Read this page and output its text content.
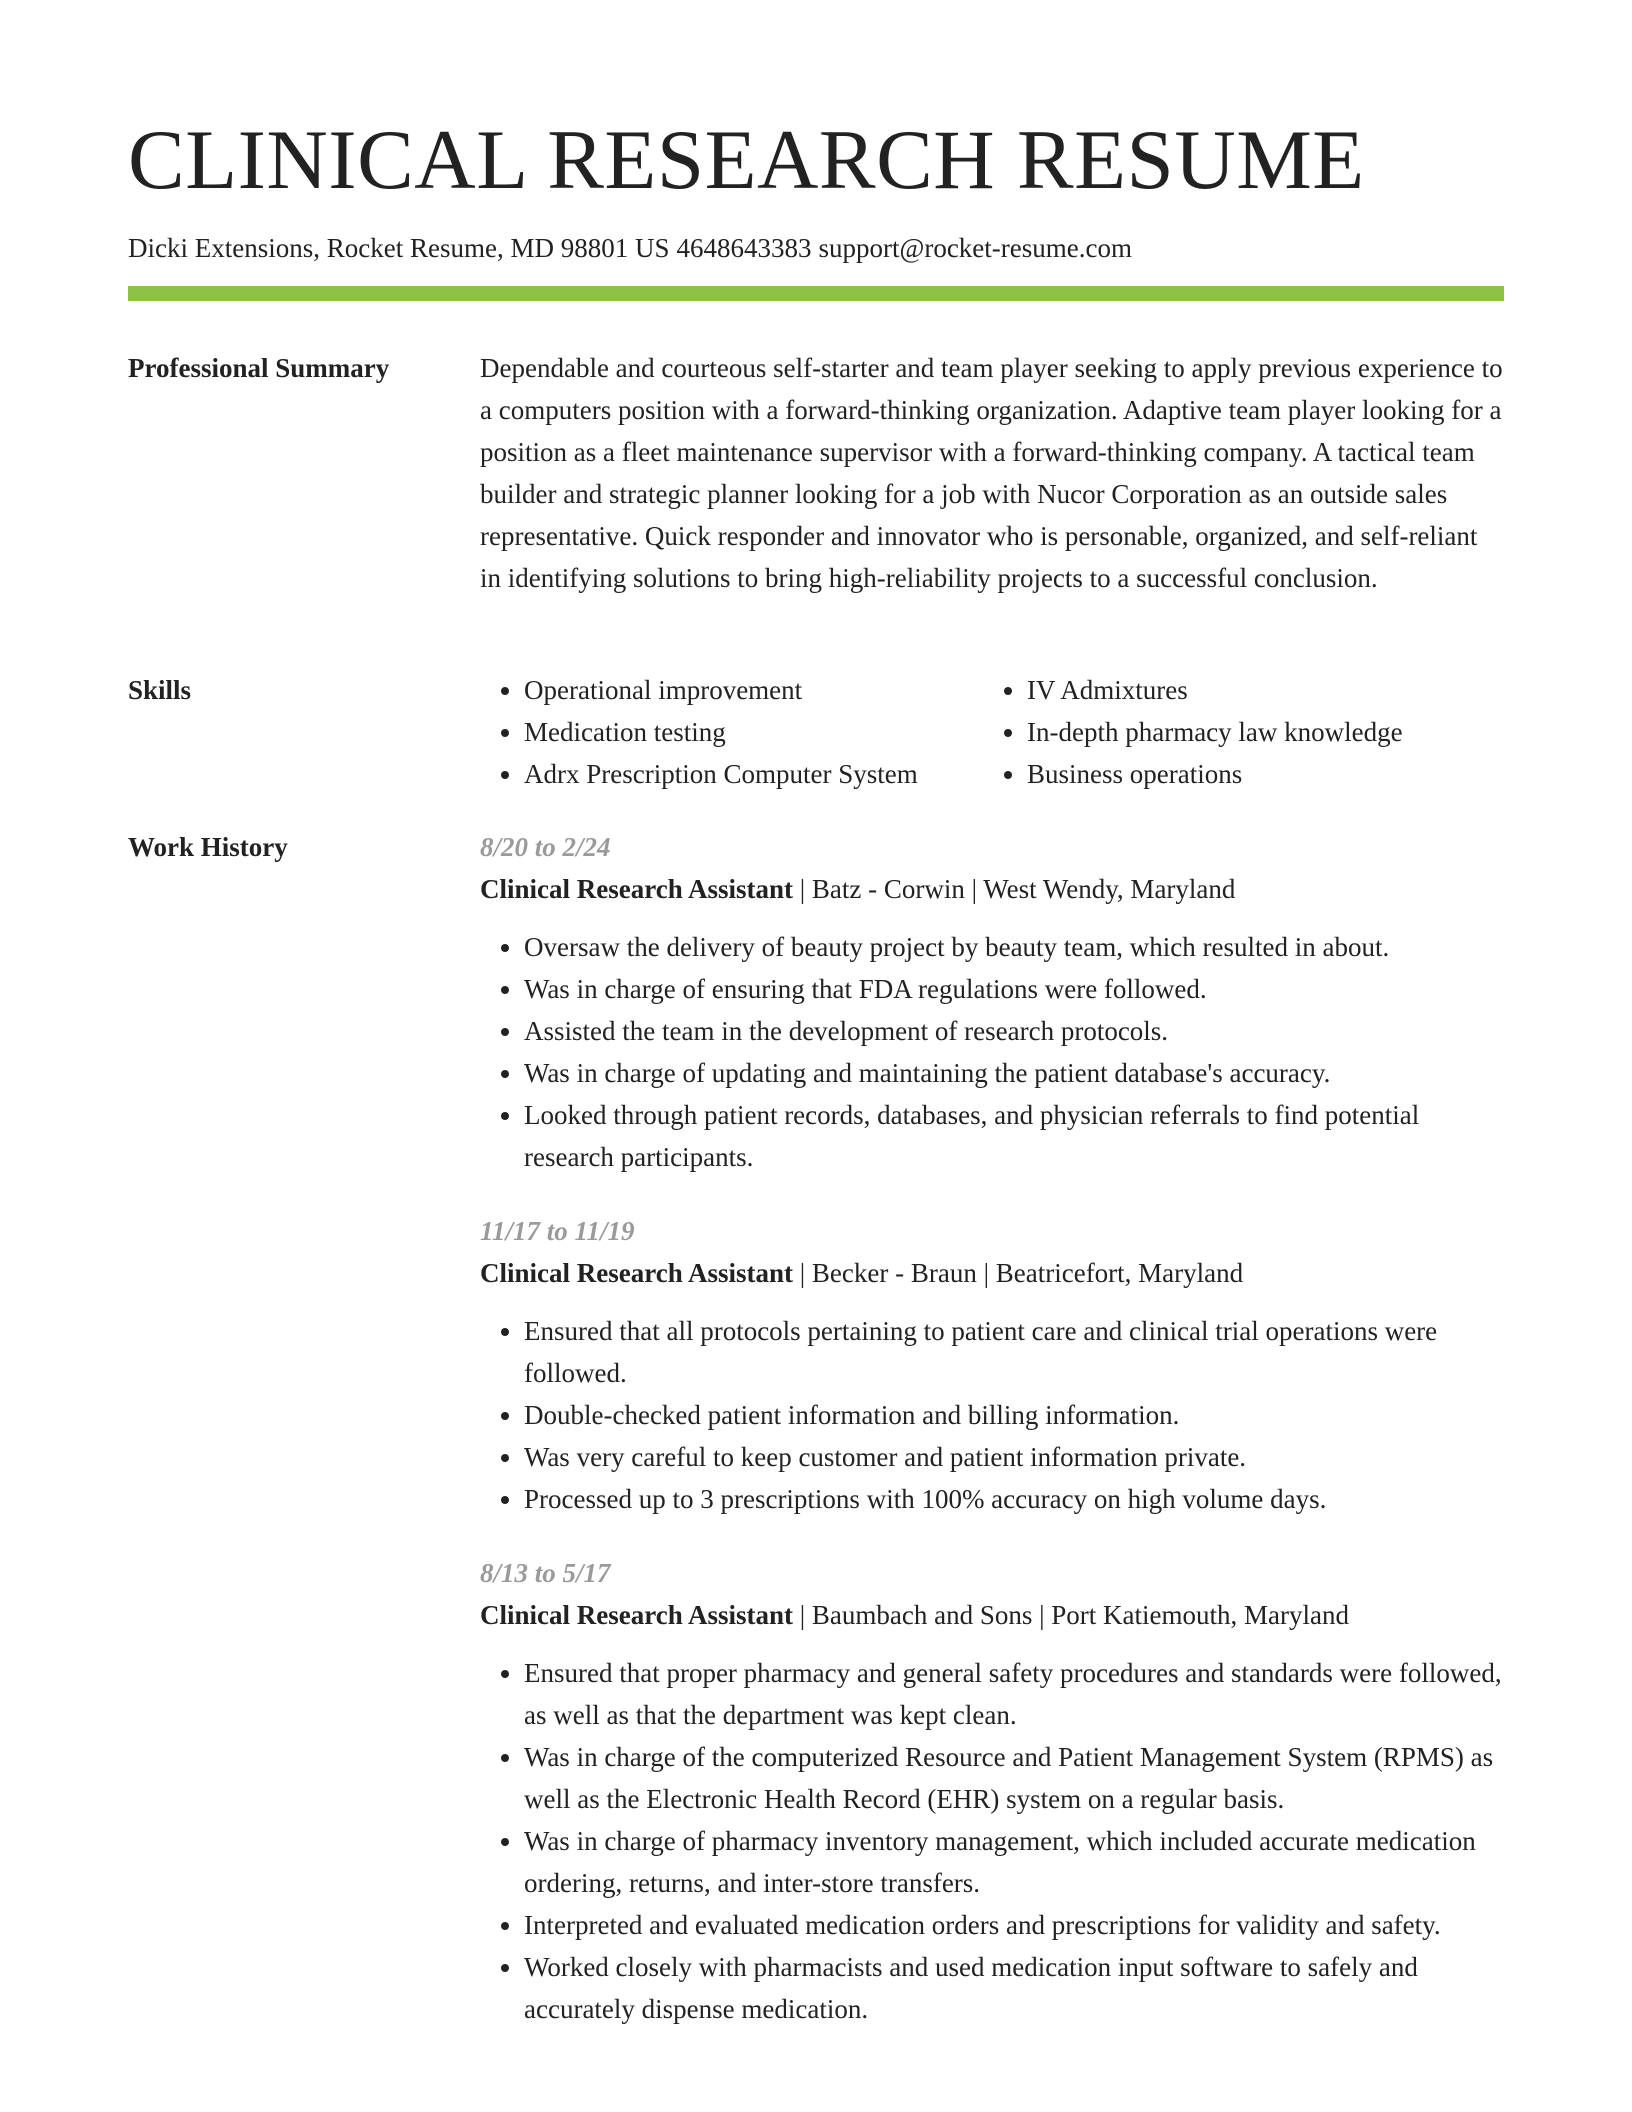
CLINICAL RESEARCH RESUME
Dicki Extensions, Rocket Resume, MD 98801 US 4648643383 support@rocket-resume.com
Professional Summary	Dependable and courteous self-starter and team player seeking to apply previous experience to a computers position with a forward-thinking organization. Adaptive team player looking for a position as a fleet maintenance supervisor with a forward-thinking company. A tactical team builder and strategic planner looking for a job with Nucor Corporation as an outside sales representative. Quick responder and innovator who is personable, organized, and self-reliant in identifying solutions to bring high-reliability projects to a successful conclusion.

Skills
•	Operational improvement
• Medication testing
• Adrx Prescription Computer System
• IV Admixtures
• In-depth pharmacy law knowledge
• Business operations
Work History	8/20 to 2/24
Clinical Research Assistant | Batz - Corwin | West Wendy, Maryland
• Oversaw the delivery of beauty project by beauty team, which resulted in about.
• Was in charge of ensuring that FDA regulations were followed.
• Assisted the team in the development of research protocols.
• Was in charge of updating and maintaining the patient database's accuracy.
• Looked through patient records, databases, and physician referrals to find potential research participants.
11/17 to 11/19
Clinical Research Assistant | Becker - Braun | Beatricefort, Maryland
• Ensured that all protocols pertaining to patient care and clinical trial operations were followed.
• Double-checked patient information and billing information.
• Was very careful to keep customer and patient information private.
• Processed up to 3 prescriptions with 100% accuracy on high volume days.
8/13 to 5/17
Clinical Research Assistant | Baumbach and Sons | Port Katiemouth, Maryland
• Ensured that proper pharmacy and general safety procedures and standards were followed, as well as that the department was kept clean.
• Was in charge of the computerized Resource and Patient Management System (RPMS) as well as the Electronic Health Record (EHR) system on a regular basis.
• Was in charge of pharmacy inventory management, which included accurate medication ordering, returns, and inter-store transfers.
• Interpreted and evaluated medication orders and prescriptions for validity and safety.
• Worked closely with pharmacists and used medication input software to safely and accurately dispense medication.
